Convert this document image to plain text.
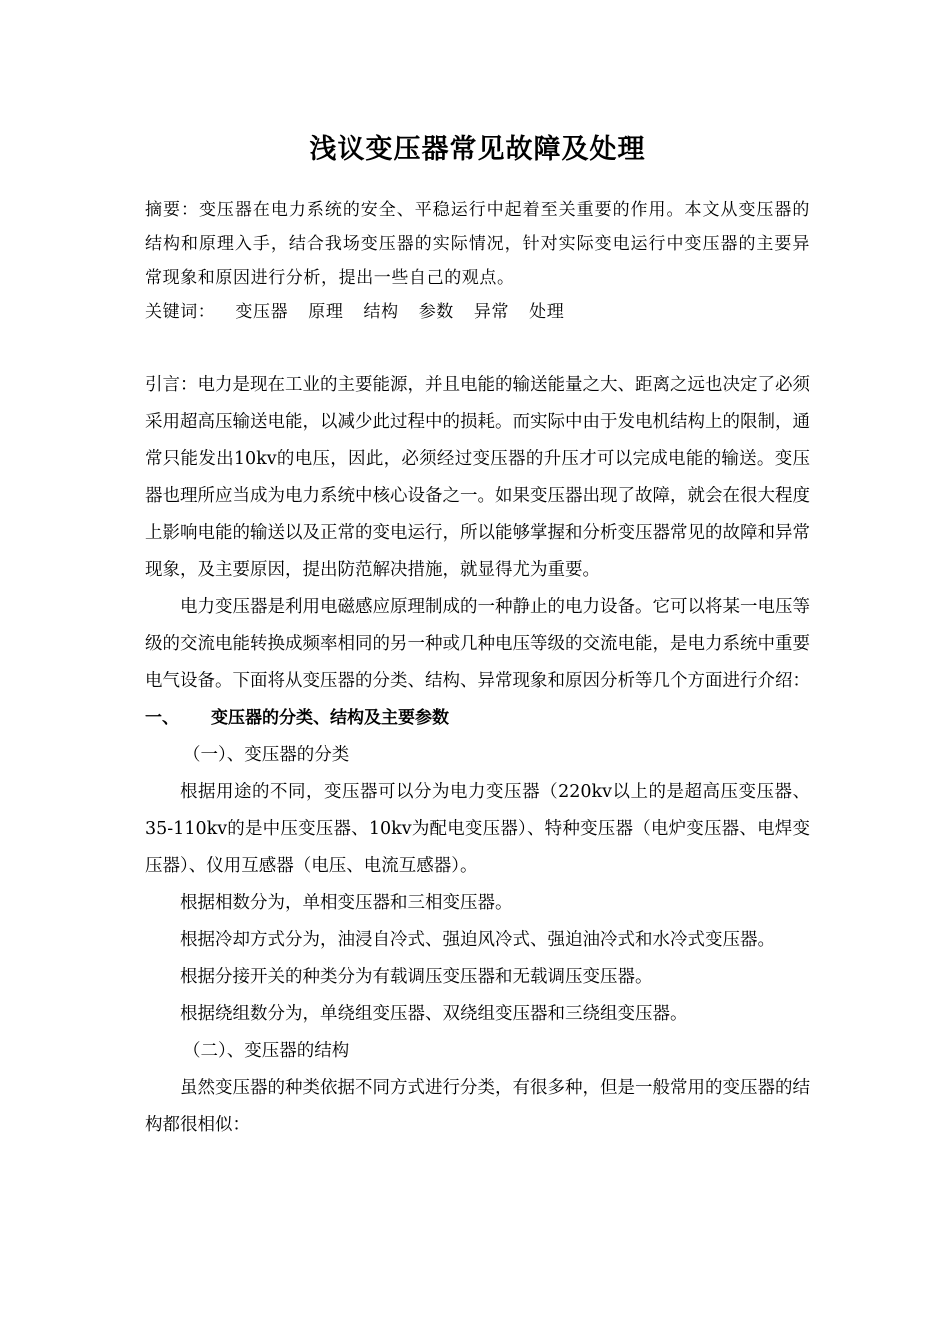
浅议变压器常见故障及处理

摘要：变压器在电力系统的安全、平稳运行中起着至关重要的作用。本文从变压器的结构和原理入手，结合我场变压器的实际情况，针对实际变电运行中变压器的主要异常现象和原因进行分析，提出一些自己的观点。

关键词： 变压器 原理 结构 参数 异常 处理

引言：电力是现在工业的主要能源，并且电能的输送能量之大、距离之远也决定了必须采用超高压输送电能，以减少此过程中的损耗。而实际中由于发电机结构上的限制，通常只能发出10kv的电压，因此，必须经过变压器的升压才可以完成电能的输送。变压器也理所应当成为电力系统中核心设备之一。如果变压器出现了故障，就会在很大程度上影响电能的输送以及正常的变电运行，所以能够掌握和分析变压器常见的故障和异常现象，及主要原因，提出防范解决措施，就显得尤为重要。

电力变压器是利用电磁感应原理制成的一种静止的电力设备。它可以将某一电压等级的交流电能转换成频率相同的另一种或几种电压等级的交流电能，是电力系统中重要电气设备。下面将从变压器的分类、结构、异常现象和原因分析等几个方面进行介绍：

一、 变压器的分类、结构及主要参数

（一）、变压器的分类

根据用途的不同，变压器可以分为电力变压器（220kv以上的是超高压变压器、35-110kv的是中压变压器、10kv为配电变压器）、特种变压器（电炉变压器、电焊变压器）、仪用互感器（电压、电流互感器）。

根据相数分为，单相变压器和三相变压器。

根据冷却方式分为，油浸自冷式、强迫风冷式、强迫油冷式和水冷式变压器。

根据分接开关的种类分为有载调压变压器和无载调压变压器。

根据绕组数分为，单绕组变压器、双绕组变压器和三绕组变压器。

（二）、变压器的结构

虽然变压器的种类依据不同方式进行分类，有很多种，但是一般常用的变压器的结构都很相似：
